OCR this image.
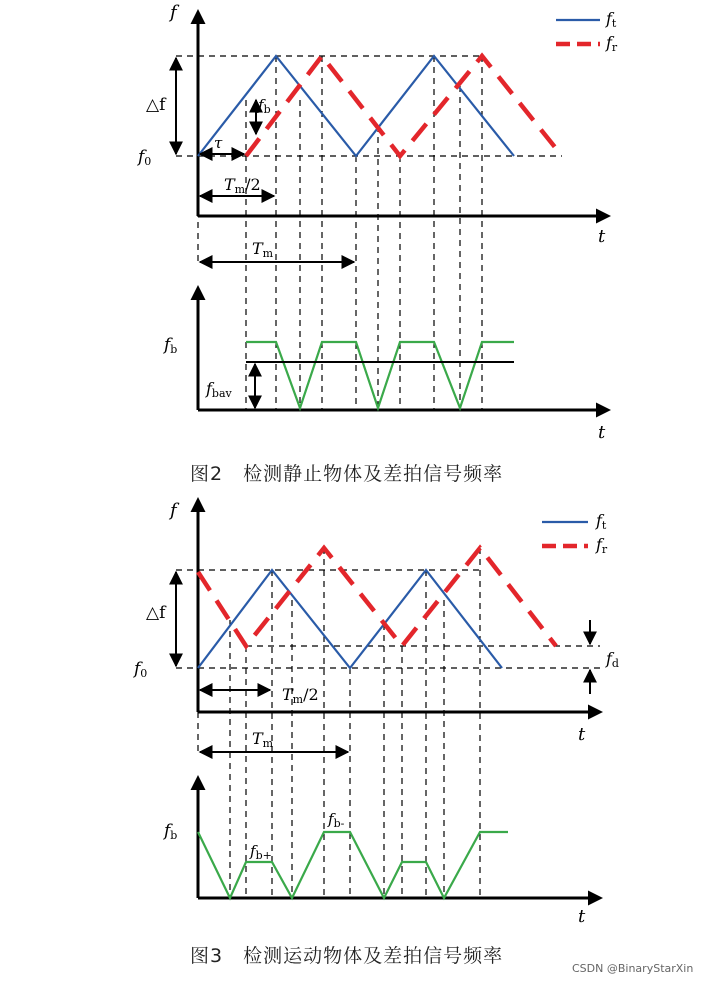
ft
fr
f
t
t
△f
f0
$f_b$
τ
Tm/2
Tm
fb
fbav
图2　检测静止物体及差拍信号频率
ft
fr
f
t
t
△f
f0
fd
Tm/2
Tm
fb
$f_{b+}$
$f_{b-}$
图3　检测运动物体及差拍信号频率
CSDN @BinaryStarXin
